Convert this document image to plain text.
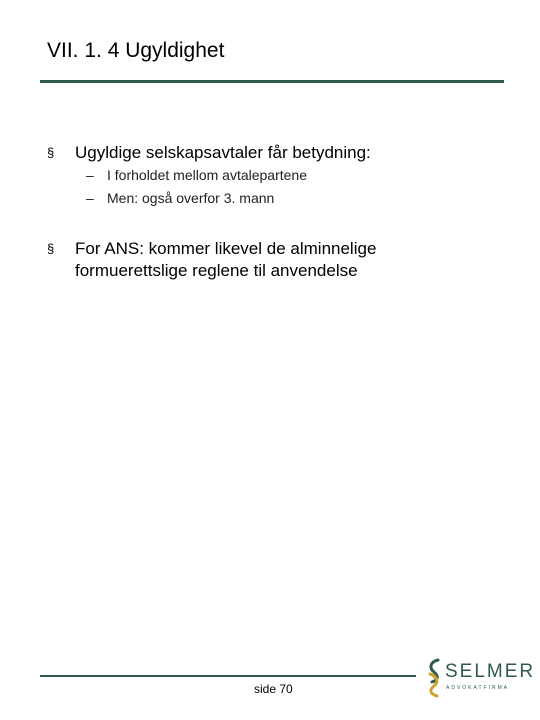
VII. 1. 4 Ugyldighet
§ Ugyldige selskapsavtaler får betydning:
– I forholdet mellom avtalepartene
– Men: også overfor 3. mann
§ For ANS: kommer likevel de alminnelige
formuerettslige reglene til anvendelse
side 70
SELMER
ADVOKATFIRMA
